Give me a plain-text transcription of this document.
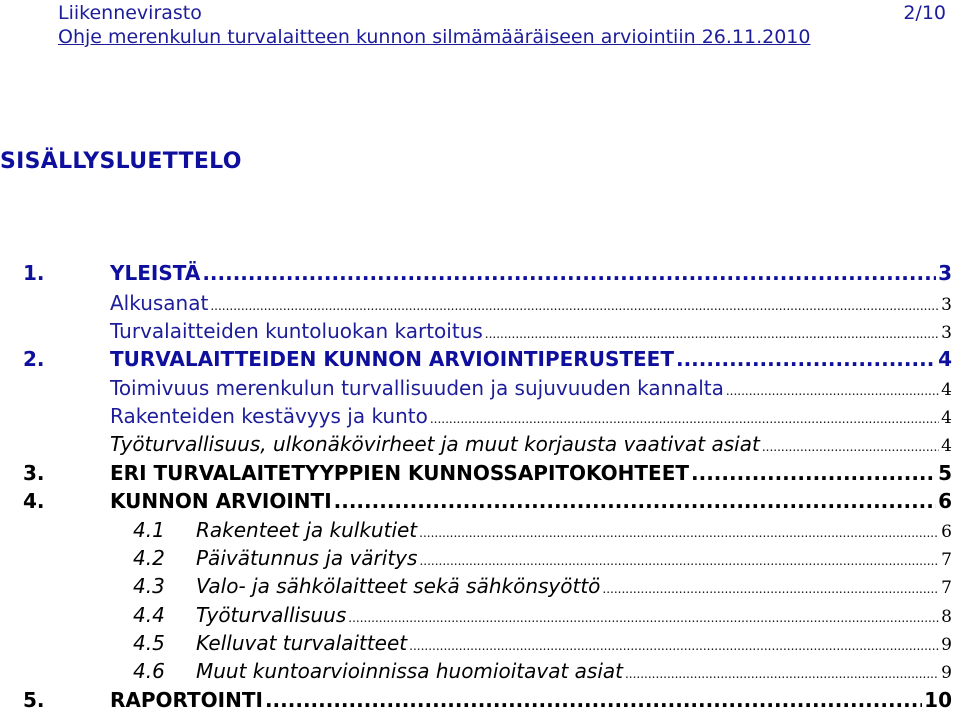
Liikennevirasto	2/10
Ohje merenkulun turvalaitteen kunnon silmämääräiseen arviointiin 26.11.2010
SISÄLLYSLUETTELO
1.	YLEISTÄ .....	3
Alkusanat .....	3
Turvalaitteiden kuntoluokan kartoitus .....	3
2.	TURVALAITTEIDEN KUNNON ARVIOINTIPERUSTEET .....	4
Toimivuus merenkulun turvallisuuden ja sujuvuuden kannalta .....	4
Rakenteiden kestävyys ja kunto .....	4
Työturvallisuus, ulkonäkövirheet ja muut korjausta vaativat asiat .....	4
3.	ERI TURVALAITETYYPPIEN KUNNOSSAPITOKOHTEET .....	5
4.	KUNNON ARVIOINTI .....	6
4.1 Rakenteet ja kulkutiet .....	6
4.2 Päivätunnus ja väritys .....	7
4.3 Valo- ja sähkölaitteet sekä sähkönsyöttö .....	7
4.4 Työturvallisuus .....	8
4.5 Kelluvat turvalaitteet .....	9
4.6 Muut kuntoarvioinnissa huomioitavat asiat .....	9
5.	RAPORTOINTI .....	10
